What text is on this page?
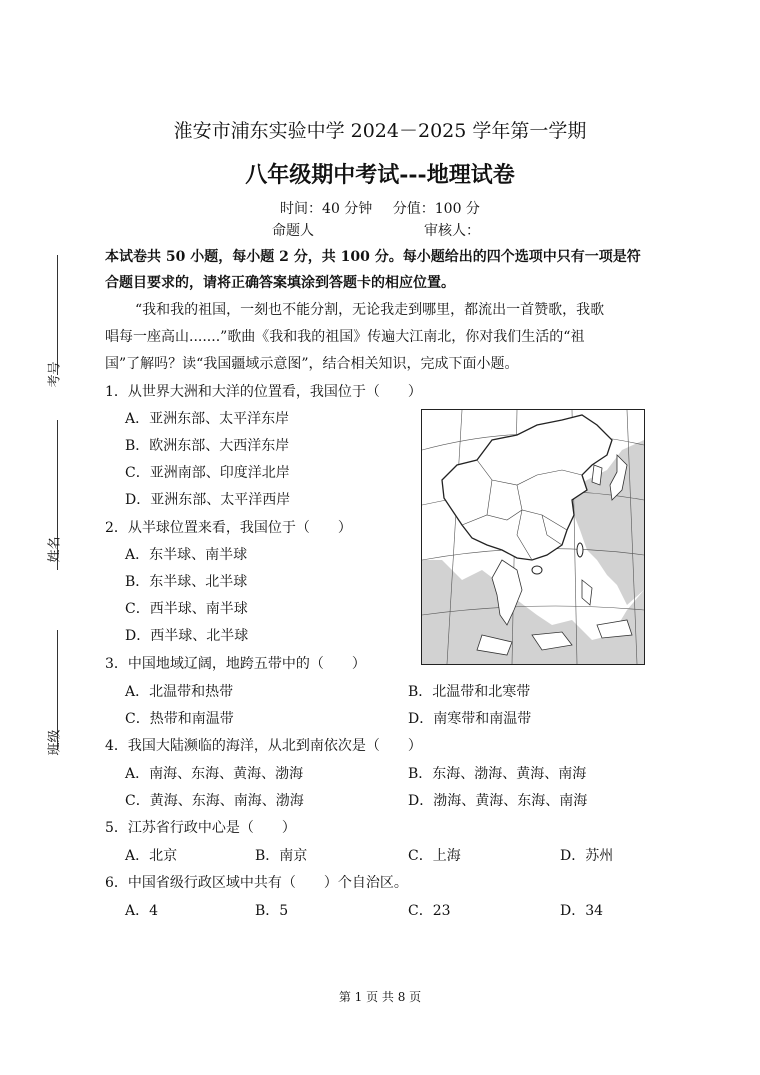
考号
姓名
班级
淮安市浦东实验中学 2024－2025 学年第一学期
八年级期中考试---地理试卷
时间：40 分钟 分值：100 分
命题人	审核人：
本试卷共 50 小题，每小题 2 分，共 100 分。每小题给出的四个选项中只有一项是符
合题目要求的，请将正确答案填涂到答题卡的相应位置。
“我和我的祖国，一刻也不能分割，无论我走到哪里，都流出一首赞歌，我歌
唱每一座高山.......”歌曲《我和我的祖国》传遍大江南北，你对我们生活的“祖
国”了解吗？读“我国疆域示意图”，结合相关知识，完成下面小题。
1．从世界大洲和大洋的位置看，我国位于（　　）
A．亚洲东部、太平洋东岸
B．欧洲东部、大西洋东岸
C．亚洲南部、印度洋北岸
D．亚洲东部、太平洋西岸
2．从半球位置来看，我国位于（　　）
A．东半球、南半球
B．东半球、北半球
C．西半球、南半球
D．西半球、北半球
3．中国地域辽阔，地跨五带中的（　　）
A．北温带和热带	B．北温带和北寒带
C．热带和南温带	D．南寒带和南温带
4．我国大陆濒临的海洋，从北到南依次是（　　）
A．南海、东海、黄海、渤海	B．东海、渤海、黄海、南海
C．黄海、东海、南海、渤海	D．渤海、黄海、东海、南海
5．江苏省行政中心是（　　）
A．北京	B．南京	C．上海	D．苏州
6．中国省级行政区域中共有（　　）个自治区。
A．4	B．5	C．23	D．34
第 1 页 共 8 页
